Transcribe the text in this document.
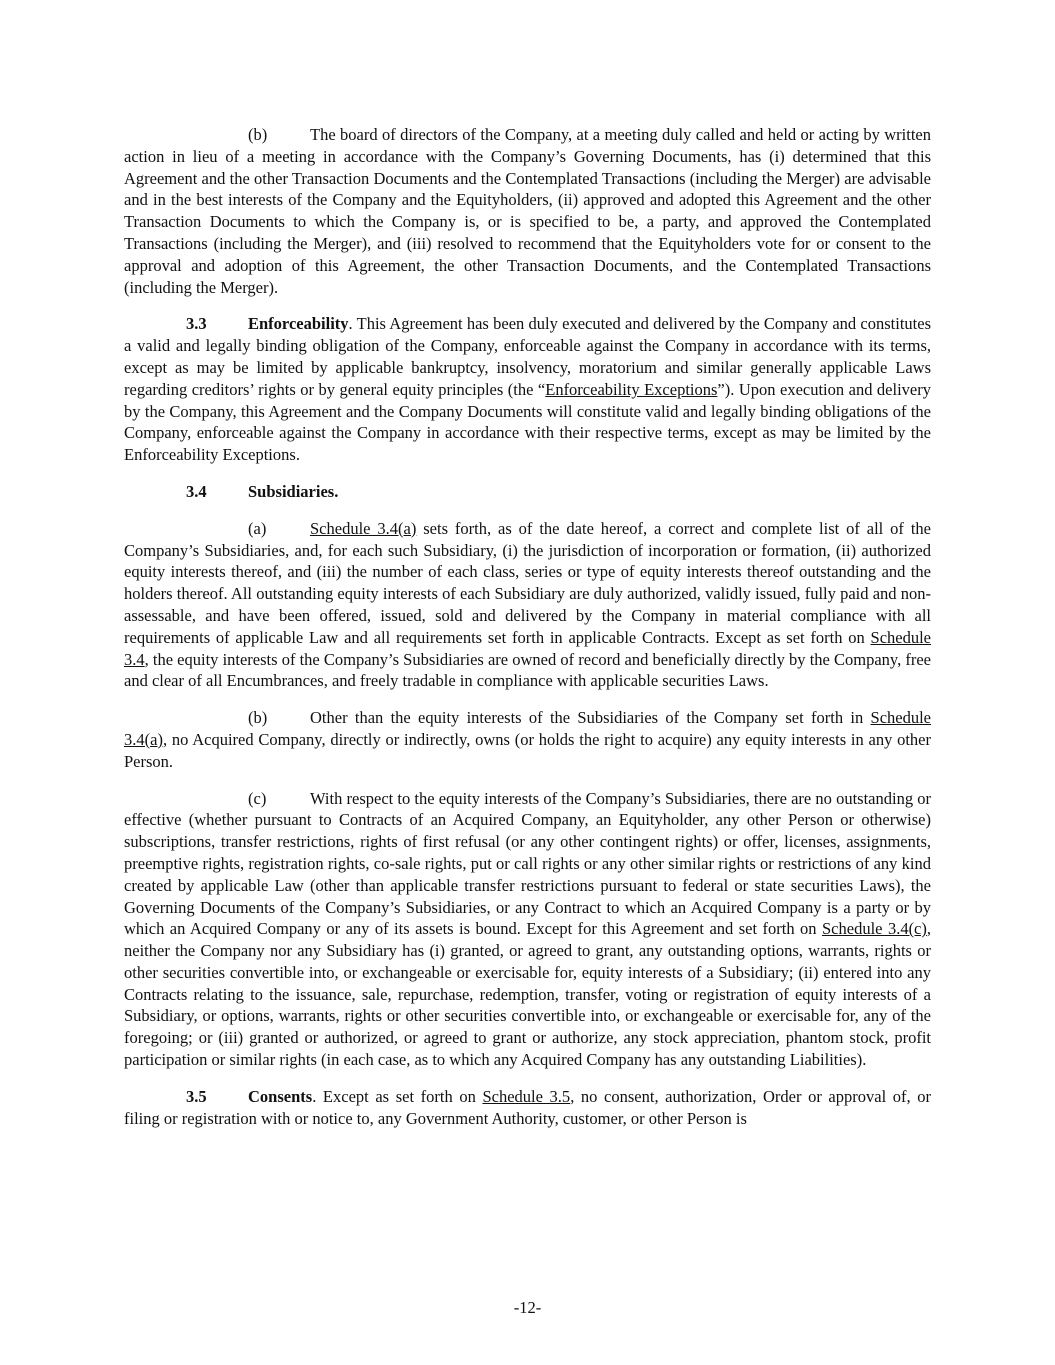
(b)	The board of directors of the Company, at a meeting duly called and held or acting by written action in lieu of a meeting in accordance with the Company’s Governing Documents, has (i) determined that this Agreement and the other Transaction Documents and the Contemplated Transactions (including the Merger) are advisable and in the best interests of the Company and the Equityholders, (ii) approved and adopted this Agreement and the other Transaction Documents to which the Company is, or is specified to be, a party, and approved the Contemplated Transactions (including the Merger), and (iii) resolved to recommend that the Equityholders vote for or consent to the approval and adoption of this Agreement, the other Transaction Documents, and the Contemplated Transactions (including the Merger).

3.3	Enforceability. This Agreement has been duly executed and delivered by the Company and constitutes a valid and legally binding obligation of the Company, enforceable against the Company in accordance with its terms, except as may be limited by applicable bankruptcy, insolvency, moratorium and similar generally applicable Laws regarding creditors’ rights or by general equity principles (the “Enforceability Exceptions”). Upon execution and delivery by the Company, this Agreement and the Company Documents will constitute valid and legally binding obligations of the Company, enforceable against the Company in accordance with their respective terms, except as may be limited by the Enforceability Exceptions.

3.4	Subsidiaries.

(a)	Schedule 3.4(a) sets forth, as of the date hereof, a correct and complete list of all of the Company’s Subsidiaries, and, for each such Subsidiary, (i) the jurisdiction of incorporation or formation, (ii) authorized equity interests thereof, and (iii) the number of each class, series or type of equity interests thereof outstanding and the holders thereof. All outstanding equity interests of each Subsidiary are duly authorized, validly issued, fully paid and non-assessable, and have been offered, issued, sold and delivered by the Company in material compliance with all requirements of applicable Law and all requirements set forth in applicable Contracts. Except as set forth on Schedule 3.4, the equity interests of the Company’s Subsidiaries are owned of record and beneficially directly by the Company, free and clear of all Encumbrances, and freely tradable in compliance with applicable securities Laws.

(b)	Other than the equity interests of the Subsidiaries of the Company set forth in Schedule 3.4(a), no Acquired Company, directly or indirectly, owns (or holds the right to acquire) any equity interests in any other Person.

(c)	With respect to the equity interests of the Company’s Subsidiaries, there are no outstanding or effective (whether pursuant to Contracts of an Acquired Company, an Equityholder, any other Person or otherwise) subscriptions, transfer restrictions, rights of first refusal (or any other contingent rights) or offer, licenses, assignments, preemptive rights, registration rights, co-sale rights, put or call rights or any other similar rights or restrictions of any kind created by applicable Law (other than applicable transfer restrictions pursuant to federal or state securities Laws), the Governing Documents of the Company’s Subsidiaries, or any Contract to which an Acquired Company is a party or by which an Acquired Company or any of its assets is bound. Except for this Agreement and set forth on Schedule 3.4(c), neither the Company nor any Subsidiary has (i) granted, or agreed to grant, any outstanding options, warrants, rights or other securities convertible into, or exchangeable or exercisable for, equity interests of a Subsidiary; (ii) entered into any Contracts relating to the issuance, sale, repurchase, redemption, transfer, voting or registration of equity interests of a Subsidiary, or options, warrants, rights or other securities convertible into, or exchangeable or exercisable for, any of the foregoing; or (iii) granted or authorized, or agreed to grant or authorize, any stock appreciation, phantom stock, profit participation or similar rights (in each case, as to which any Acquired Company has any outstanding Liabilities).

3.5	Consents. Except as set forth on Schedule 3.5, no consent, authorization, Order or approval of, or filing or registration with or notice to, any Government Authority, customer, or other Person is

-12-
